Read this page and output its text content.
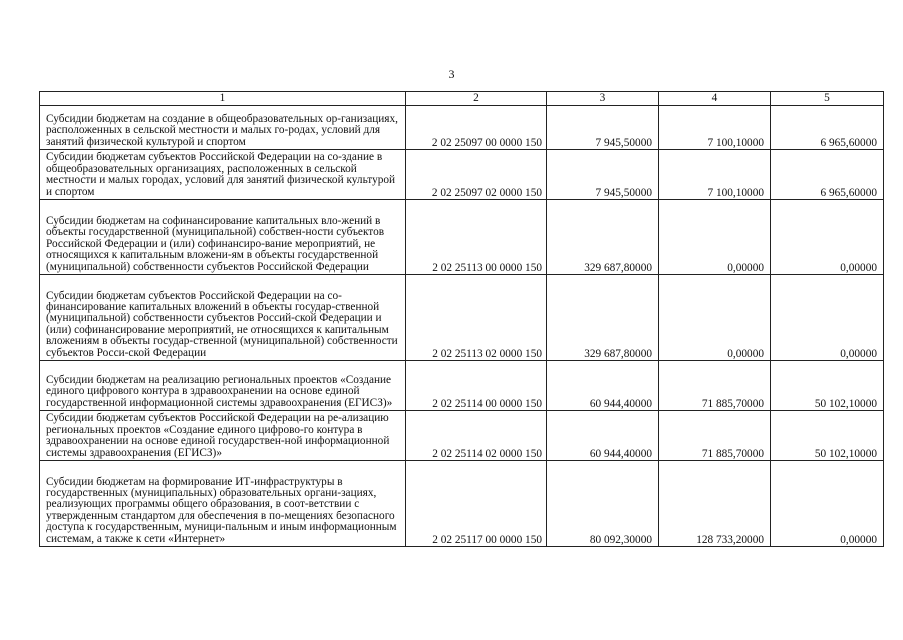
3
1	2	3	4	5
Субсидии бюджетам на создание в общеобразовательных ор-ганизациях, расположенных в сельской местности и малых го-родах, условий для занятий физической культурой и спортом	2 02 25097 00 0000 150	7 945,50000	7 100,10000	6 965,60000
Субсидии бюджетам субъектов Российской Федерации на со-здание в общеобразовательных организациях, расположенных в сельской местности и малых городах, условий для занятий физической культурой и спортом	2 02 25097 02 0000 150	7 945,50000	7 100,10000	6 965,60000
Субсидии бюджетам на софинансирование капитальных вло-жений в объекты государственной (муниципальной) собствен-ности субъектов Российской Федерации и (или) софинансиро-вание мероприятий, не относящихся к капитальным вложени-ям в объекты государственной (муниципальной) собственности субъектов Российской Федерации	2 02 25113 00 0000 150	329 687,80000	0,00000	0,00000
Субсидии бюджетам субъектов Российской Федерации на со-финансирование капитальных вложений в объекты государ-ственной (муниципальной) собственности субъектов Россий-ской Федерации и (или) софинансирование мероприятий, не относящихся к капитальным вложениям в объекты государ-ственной (муниципальной) собственности субъектов Росси-ской Федерации	2 02 25113 02 0000 150	329 687,80000	0,00000	0,00000
Субсидии бюджетам на реализацию региональных проектов «Создание единого цифрового контура в здравоохранении на основе единой государственной информационной системы здравоохранения (ЕГИСЗ)»	2 02 25114 00 0000 150	60 944,40000	71 885,70000	50 102,10000
Субсидии бюджетам субъектов Российской Федерации на ре-ализацию региональных проектов «Создание единого цифрово-го контура в здравоохранении на основе единой государствен-ной информационной системы здравоохранения (ЕГИСЗ)»	2 02 25114 02 0000 150	60 944,40000	71 885,70000	50 102,10000
Субсидии бюджетам на формирование ИТ-инфраструктуры в государственных (муниципальных) образовательных органи-зациях, реализующих программы общего образования, в соот-ветствии с утвержденным стандартом для обеспечения в по-мещениях безопасного доступа к государственным, муници-пальным и иным информационным системам, а также к сети «Интернет»	2 02 25117 00 0000 150	80 092,30000	128 733,20000	0,00000
